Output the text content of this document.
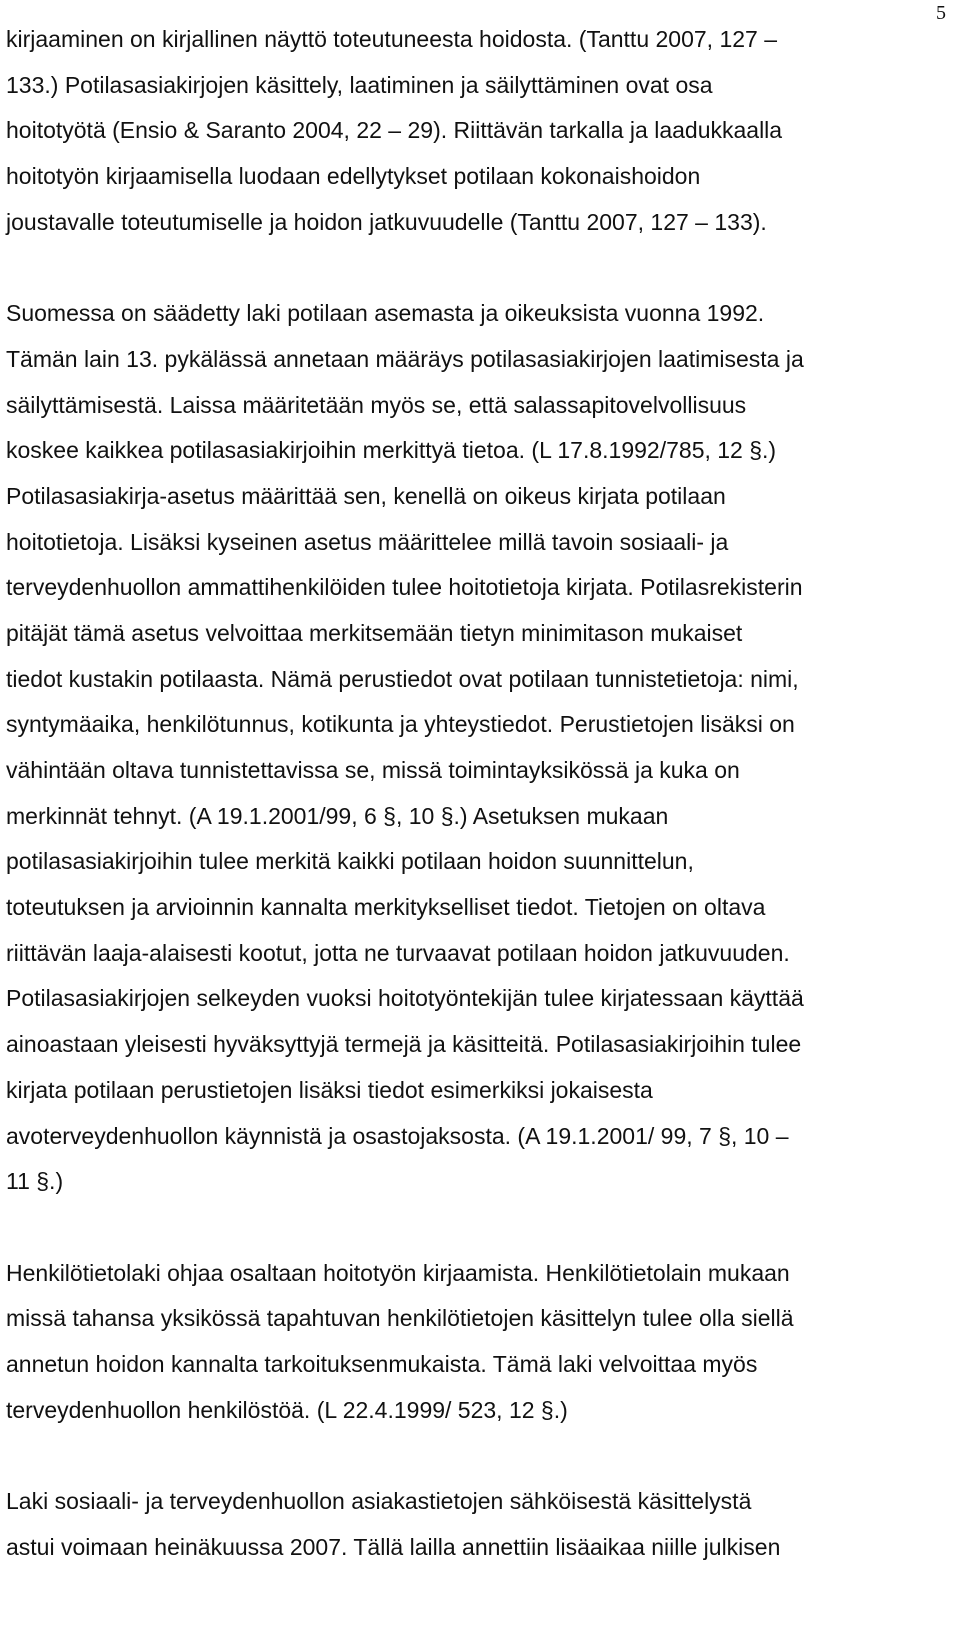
5
kirjaaminen on kirjallinen näyttö toteutuneesta hoidosta. (Tanttu 2007, 127 –
133.) Potilasasiakirjojen käsittely, laatiminen ja säilyttäminen ovat osa
hoitotyötä (Ensio & Saranto 2004, 22 – 29). Riittävän tarkalla ja laadukkaalla
hoitotyön kirjaamisella luodaan edellytykset potilaan kokonaishoidon
joustavalle toteutumiselle ja hoidon jatkuvuudelle (Tanttu 2007, 127 – 133).
Suomessa on säädetty laki potilaan asemasta ja oikeuksista vuonna 1992.
Tämän lain 13. pykälässä annetaan määräys potilasasiakirjojen laatimisesta ja
säilyttämisestä. Laissa määritetään myös se, että salassapitovelvollisuus
koskee kaikkea potilasasiakirjoihin merkittyä tietoa. (L 17.8.1992/785, 12 §.)
Potilasasiakirja-asetus määrittää sen, kenellä on oikeus kirjata potilaan
hoitotietoja. Lisäksi kyseinen asetus määrittelee millä tavoin sosiaali- ja
terveydenhuollon ammattihenkilöiden tulee hoitotietoja kirjata. Potilasrekisterin
pitäjät tämä asetus velvoittaa merkitsemään tietyn minimitason mukaiset
tiedot kustakin potilaasta. Nämä perustiedot ovat potilaan tunnistetietoja: nimi,
syntymäaika, henkilötunnus, kotikunta ja yhteystiedot. Perustietojen lisäksi on
vähintään oltava tunnistettavissa se, missä toimintayksikössä ja kuka on
merkinnät tehnyt. (A 19.1.2001/99, 6 §, 10 §.) Asetuksen mukaan
potilasasiakirjoihin tulee merkitä kaikki potilaan hoidon suunnittelun,
toteutuksen ja arvioinnin kannalta merkitykselliset tiedot. Tietojen on oltava
riittävän laaja-alaisesti kootut, jotta ne turvaavat potilaan hoidon jatkuvuuden.
Potilasasiakirjojen selkeyden vuoksi hoitotyöntekijän tulee kirjatessaan käyttää
ainoastaan yleisesti hyväksyttyjä termejä ja käsitteitä. Potilasasiakirjoihin tulee
kirjata potilaan perustietojen lisäksi tiedot esimerkiksi jokaisesta
avoterveydenhuollon käynnistä ja osastojaksosta. (A 19.1.2001/ 99, 7 §, 10 –
11 §.)
Henkilötietolaki ohjaa osaltaan hoitotyön kirjaamista. Henkilötietolain mukaan
missä tahansa yksikössä tapahtuvan henkilötietojen käsittelyn tulee olla siellä
annetun hoidon kannalta tarkoituksenmukaista. Tämä laki velvoittaa myös
terveydenhuollon henkilöstöä. (L 22.4.1999/ 523, 12 §.)
Laki sosiaali- ja terveydenhuollon asiakastietojen sähköisestä käsittelystä
astui voimaan heinäkuussa 2007. Tällä lailla annettiin lisäaikaa niille julkisen
